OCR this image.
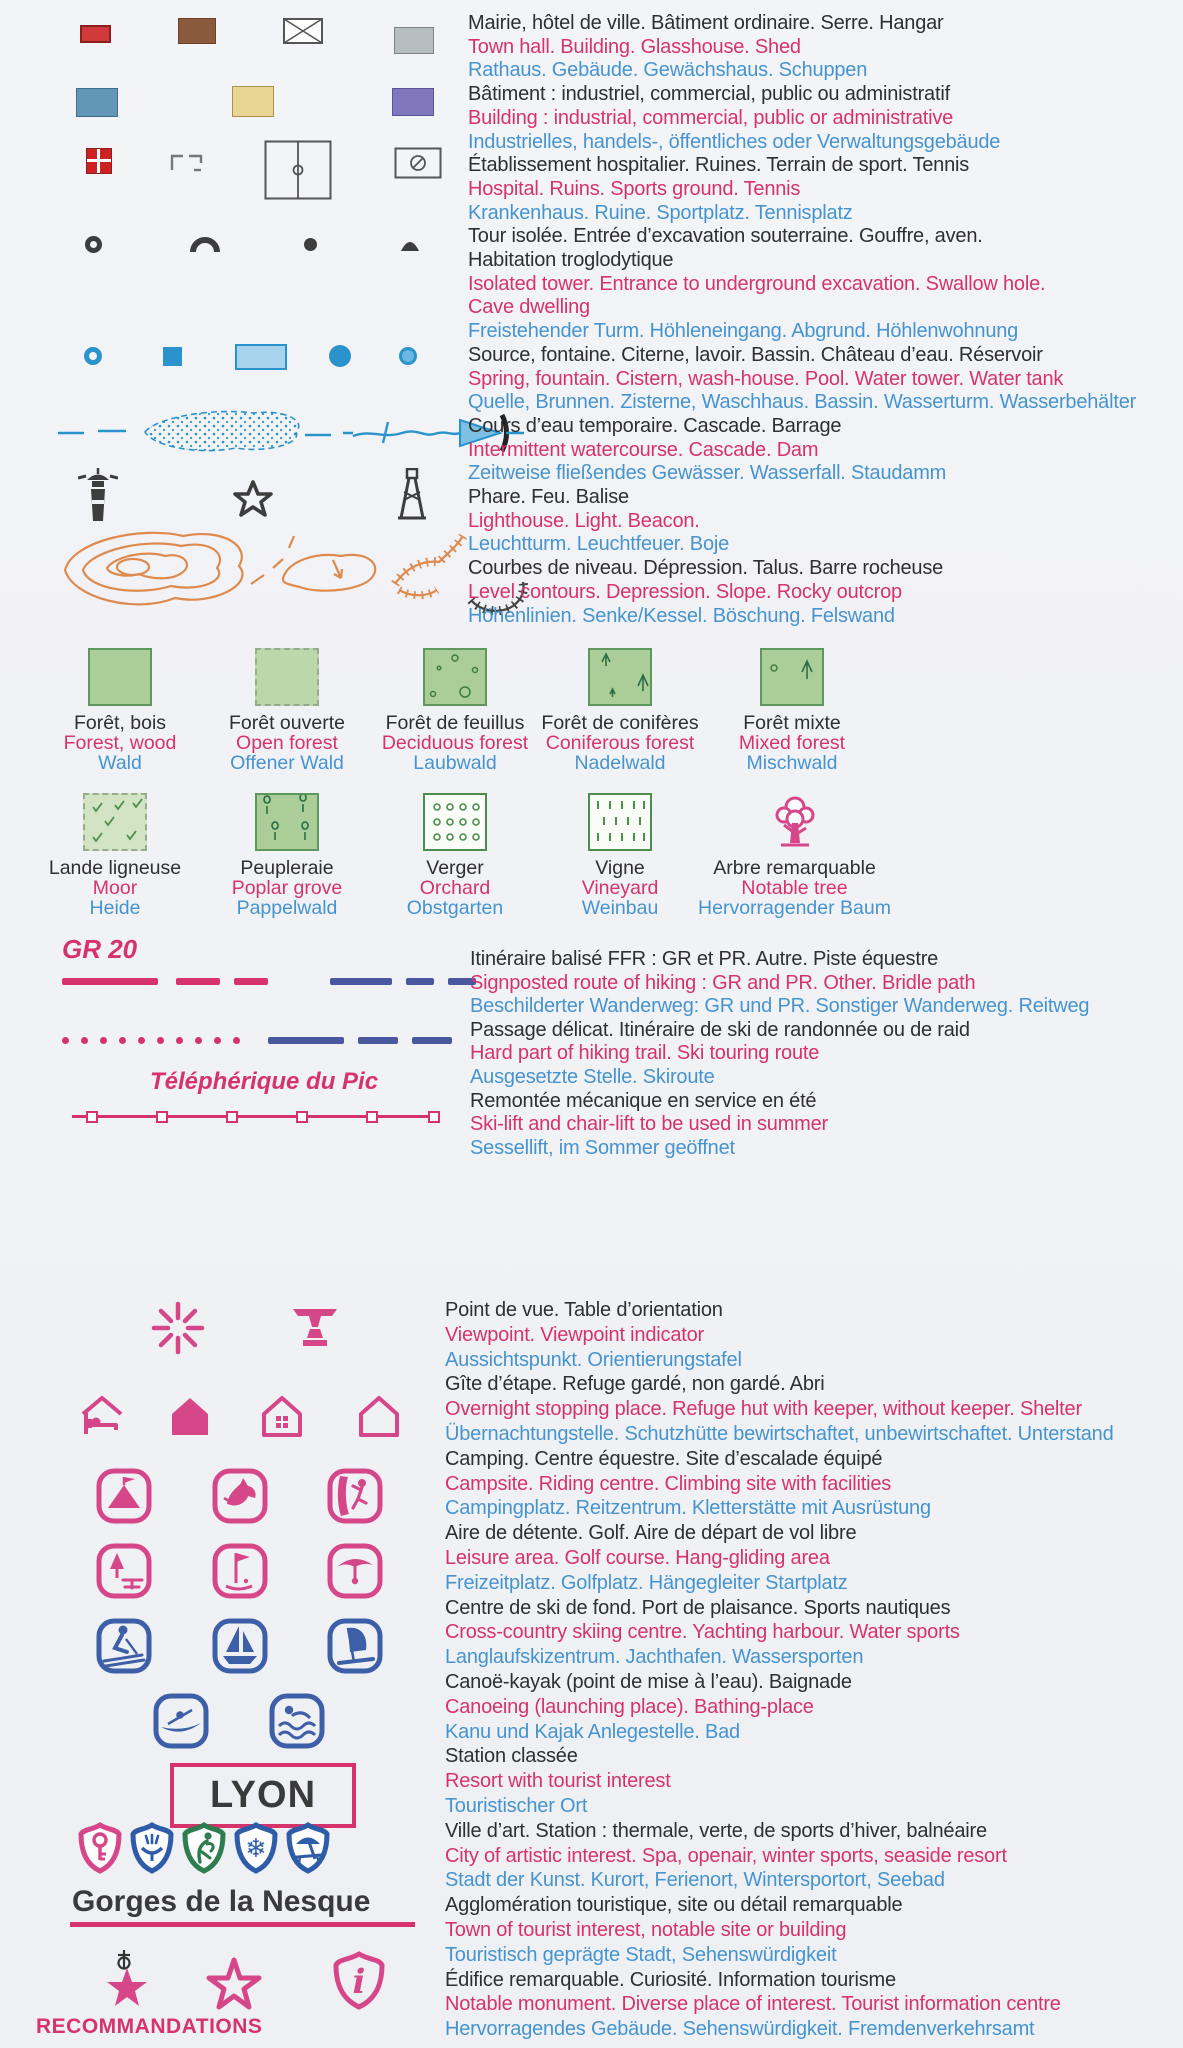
Mairie, hôtel de ville. Bâtiment ordinaire. Serre. Hangar
Town hall. Building. Glasshouse. Shed
Rathaus. Gebäude. Gewächshaus. Schuppen
Bâtiment : industriel, commercial, public ou administratif
Building : industrial, commercial, public or administrative
Industrielles, handels-, öffentliches oder Verwaltungsgebäude
Établissement hospitalier. Ruines. Terrain de sport. Tennis
Hospital. Ruins. Sports ground. Tennis
Krankenhaus. Ruine. Sportplatz. Tennisplatz
Tour isolée. Entrée d’excavation souterraine. Gouffre, aven.
Habitation troglodytique
Isolated tower. Entrance to underground excavation. Swallow hole.
Cave dwelling
Freistehender Turm. Höhleneingang. Abgrund. Höhlenwohnung
Source, fontaine. Citerne, lavoir. Bassin. Château d’eau. Réservoir
Spring, fountain. Cistern, wash-house. Pool. Water tower. Water tank
Quelle, Brunnen. Zisterne, Waschhaus. Bassin. Wasserturm. Wasserbehälter
Cours d’eau temporaire. Cascade. Barrage
Intermittent watercourse. Cascade. Dam
Zeitweise fließendes Gewässer. Wasserfall. Staudamm
Phare. Feu. Balise
Lighthouse. Light. Beacon.
Leuchtturm. Leuchtfeuer. Boje
Courbes de niveau. Dépression. Talus. Barre rocheuse
Level contours. Depression. Slope. Rocky outcrop
Höhenlinien. Senke/Kessel. Böschung. Felswand
Forêt, bois
Forest, wood
Wald
Forêt ouverte
Open forest
Offener Wald
Forêt de feuillus
Deciduous forest
Laubwald
Forêt de conifères
Coniferous forest
Nadelwald
Forêt mixte
Mixed forest
Mischwald
Lande ligneuse
Moor
Heide
Peupleraie
Poplar grove
Pappelwald
Verger
Orchard
Obstgarten
Vigne
Vineyard
Weinbau
Arbre remarquable
Notable tree
Hervorragender Baum
GR 20
Téléphérique du Pic
Itinéraire balisé FFR : GR et PR. Autre. Piste équestre
Signposted route of hiking : GR and PR. Other. Bridle path
Beschilderter Wanderweg: GR und PR. Sonstiger Wanderweg. Reitweg
Passage délicat. Itinéraire de ski de randonnée ou de raid
Hard part of hiking trail. Ski touring route
Ausgesetzte Stelle. Skiroute
Remontée mécanique en service en été
Ski-lift and chair-lift to be used in summer
Sessellift, im Sommer geöffnet
LYON
❄
Gorges de la Nesque
i
RECOMMANDATIONS
Point de vue. Table d’orientation
Viewpoint. Viewpoint indicator
Aussichtspunkt. Orientierungstafel
Gîte d’étape. Refuge gardé, non gardé. Abri
Overnight stopping place. Refuge hut with keeper, without keeper. Shelter
Übernachtungstelle. Schutzhütte bewirtschaftet, unbewirtschaftet. Unterstand
Camping. Centre équestre. Site d’escalade équipé
Campsite. Riding centre. Climbing site with facilities
Campingplatz. Reitzentrum. Kletterstätte mit Ausrüstung
Aire de détente. Golf. Aire de départ de vol libre
Leisure area. Golf course. Hang-gliding area
Freizeitplatz. Golfplatz. Hängegleiter Startplatz
Centre de ski de fond. Port de plaisance. Sports nautiques
Cross-country skiing centre. Yachting harbour. Water sports
Langlaufskizentrum. Jachthafen. Wassersporten
Canoë-kayak (point de mise à l’eau). Baignade
Canoeing (launching place). Bathing-place
Kanu und Kajak Anlegestelle. Bad
Station classée
Resort with tourist interest
Touristischer Ort
Ville d’art. Station : thermale, verte, de sports d’hiver, balnéaire
City of artistic interest. Spa, openair, winter sports, seaside resort
Stadt der Kunst. Kurort, Ferienort, Wintersportort, Seebad
Agglomération touristique, site ou détail remarquable
Town of tourist interest, notable site or building
Touristisch geprägte Stadt, Sehenswürdigkeit
Édifice remarquable. Curiosité. Information tourisme
Notable monument. Diverse place of interest. Tourist information centre
Hervorragendes Gebäude. Sehenswürdigkeit. Fremdenverkehrsamt
